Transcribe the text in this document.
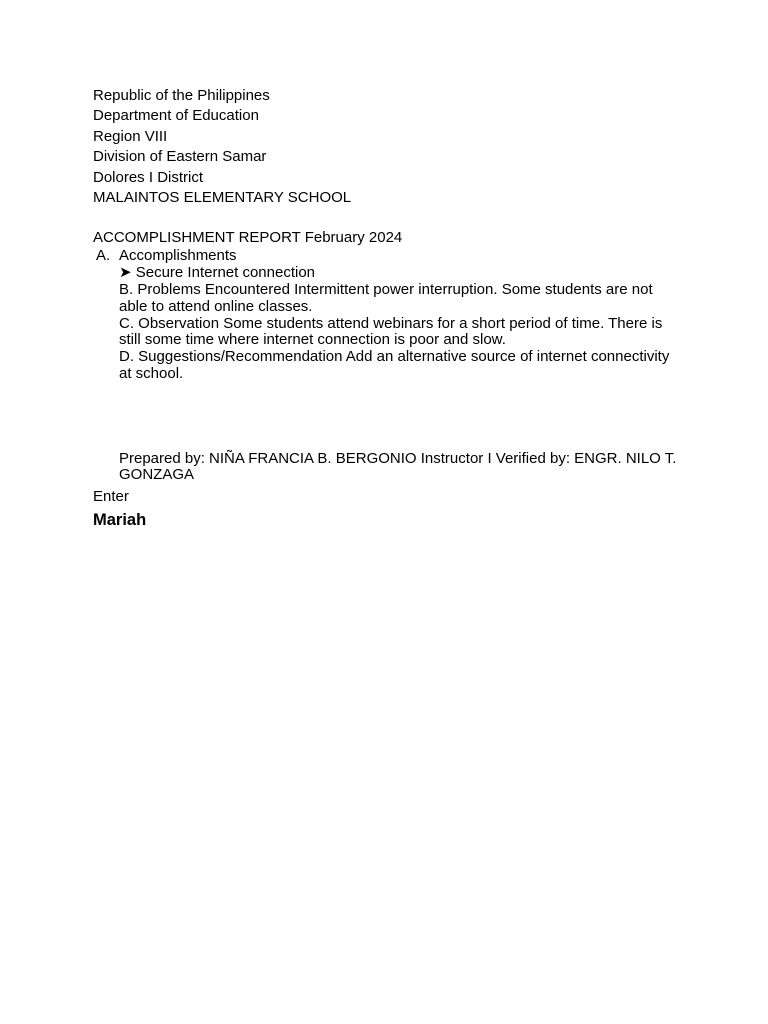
Republic of the Philippines
Department of Education
Region VIII
Division of Eastern Samar
Dolores I District
MALAINTOS ELEMENTARY SCHOOL
ACCOMPLISHMENT REPORT February 2024
A. Accomplishments
➤ Secure Internet connection
B. Problems Encountered Intermittent power interruption. Some students are not able to attend online classes.
C. Observation Some students attend webinars for a short period of time. There is still some time where internet connection is poor and slow.
D. Suggestions/Recommendation Add an alternative source of internet connectivity at school.
Prepared by: NIÑA FRANCIA B. BERGONIO Instructor I Verified by: ENGR. NILO T. GONZAGA
Enter
Mariah
